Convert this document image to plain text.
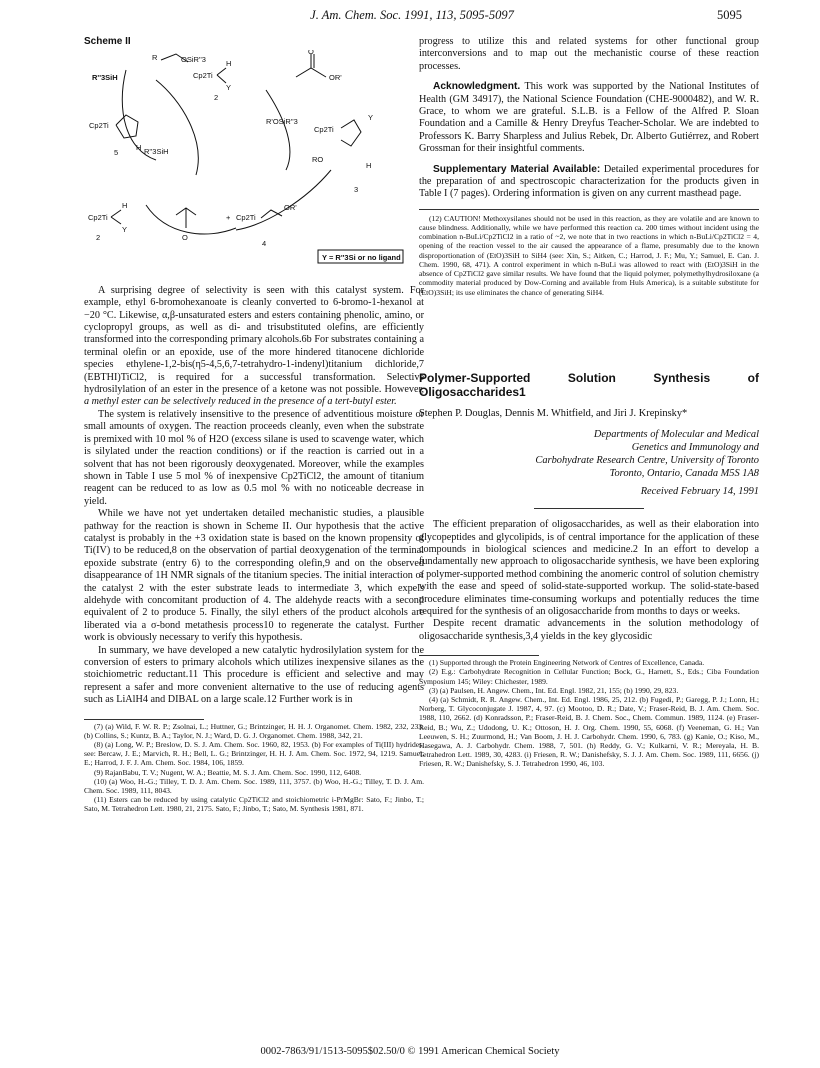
J. Am. Chem. Soc. 1991, 113, 5095-5097	5095
Scheme II
OSiR''3
R
R''3SiH	Cp2Ti
H
Y
2
O
OR'
R'OSiR''3
Cp2Ti
H
5	R''3SiH
Cp2Ti
Y
RO
H
3
Cp2Ti
H
Y
2	O
+ Cp2Ti
OR'
4
Y = R''3Si or no ligand

A surprising degree of selectivity is seen with this catalyst system. For example, ethyl 6-bromohexanoate is cleanly converted to 6-bromo-1-hexanol at −20 °C. Likewise, α,β-unsaturated esters and esters containing phenolic, amino, or cyclopropyl groups, as well as di- and trisubstituted olefins, are efficiently transformed into the corresponding primary alcohols.6b For substrates containing a terminal olefin or an epoxide, use of the more hindered titanocene dichloride species ethylene-1,2-bis(η5-4,5,6,7-tetrahydro-1-indenyl)titanium dichloride,7 (EBTHI)TiCl2, is required for a successful transformation. Selective hydrosilylation of an ester in the presence of a ketone was not possible. However, a methyl ester can be selectively reduced in the presence of a tert-butyl ester.

The system is relatively insensitive to the presence of adventitious moisture or small amounts of oxygen. The reaction proceeds cleanly, even when the substrate is premixed with 10 mol % of H2O (excess silane is used to scavenge water, which is silylated under the reaction conditions) or if the reaction is carried out in a solvent that has not been rigorously deoxygenated. Moreover, while the examples shown in Table I use 5 mol % of inexpensive Cp2TiCl2, the amount of titanium reagent can be reduced to as low as 0.5 mol % with no noticeable decrease in yield.

While we have not yet undertaken detailed mechanistic studies, a plausible pathway for the reaction is shown in Scheme II. Our hypothesis that the active catalyst is probably in the +3 oxidation state is based on the known propensity of Ti(IV) to be reduced,8 on the observation of partial deoxygenation of the terminal epoxide substrate (entry 6) to the corresponding olefin,9 and on the observed disappearance of 1H NMR signals of the titanium species. The initial interaction of the catalyst 2 with the ester substrate leads to intermediate 3, which expels aldehyde with concomitant production of 4. The aldehyde reacts with a second equivalent of 2 to produce 5. Finally, the silyl ethers of the product alcohols are liberated via a σ-bond metathesis process10 to regenerate the catalyst. Further work is obviously necessary to verify this hypothesis.

In summary, we have developed a new catalytic hydrosilylation system for the conversion of esters to primary alcohols which utilizes inexpensive silanes as the stoichiometric reductant.11 This procedure is efficient and selective and may represent a safer and more convenient alternative to the use of reducing agents such as LiAlH4 and DIBAL on a large scale.12 Further work is in

(7) (a) Wild, F. W. R. P.; Zsolnai, L.; Huttner, G.; Brintzinger, H. H. J. Organomet. Chem. 1982, 232, 233. (b) Collins, S.; Kuntz, B. A.; Taylor, N. J.; Ward, D. G. J. Organomet. Chem. 1988, 342, 21.

(8) (a) Long, W. P.; Breslow, D. S. J. Am. Chem. Soc. 1960, 82, 1953. (b) For examples of Ti(III) hydrides, see: Bercaw, J. E.; Marvich, R. H.; Bell, L. G.; Brintzinger, H. H. J. Am. Chem. Soc. 1972, 94, 1219. Samuel, E.; Harrod, J. F. J. Am. Chem. Soc. 1984, 106, 1859.

(9) RajanBabu, T. V.; Nugent, W. A.; Beattie, M. S. J. Am. Chem. Soc. 1990, 112, 6408.

(10) (a) Woo, H.-G.; Tilley, T. D. J. Am. Chem. Soc. 1989, 111, 3757. (b) Woo, H.-G.; Tilley, T. D. J. Am. Chem. Soc. 1989, 111, 8043.

(11) Esters can be reduced by using catalytic Cp2TiCl2 and stoichiometric i-PrMgBr: Sato, F.; Jinbo, T.; Sato, M. Tetrahedron Lett. 1980, 21, 2175. Sato, F.; Jinbo, T.; Sato, M. Synthesis 1981, 871.

progress to utilize this and related systems for other functional group interconversions and to map out the mechanistic course of these reaction processes.

Acknowledgment. This work was supported by the National Institutes of Health (GM 34917), the National Science Foundation (CHE-9000482), and W. R. Grace, to whom we are grateful. S.L.B. is a Fellow of the Alfred P. Sloan Foundation and a Camille & Henry Dreyfus Teacher-Scholar. We are indebted to Professors K. Barry Sharpless and Julius Rebek, Dr. Alberto Gutiérrez, and Robert Grossman for their insightful comments.

Supplementary Material Available: Detailed experimental procedures for the preparation of and spectroscopic characterization for the products given in Table I (7 pages). Ordering information is given on any current masthead page.

(12) CAUTION! Methoxysilanes should not be used in this reaction, as they are volatile and are known to cause blindness. Additionally, while we have performed this reaction ca. 200 times without incident using the combination n-BuLi/Cp2TiCl2 in a ratio of ~2, we note that in two reactions in which n-BuLi/Cp2TiCl2 = 4, opening of the reaction vessel to the air caused the appearance of a flame, presumably due to the known disproportionation of (EtO)3SiH to SiH4 (see: Xin, S.; Aitken, C.; Harrod, J. F.; Mu, Y.; Samuel, E. Can. J. Chem. 1990, 68, 471). A control experiment in which n-BuLi was allowed to react with (EtO)3SiH in the absence of Cp2TiCl2 gave similar results. We have found that the liquid polymer, polymethylhydrosiloxane (a commodity material produced by Dow-Corning and available from Huls America), is a suitable substitute for (EtO)3SiH; its use eliminates the chance of generating SiH4.

Polymer-Supported Solution Synthesis of Oligosaccharides1
Stephen P. Douglas, Dennis M. Whitfield, and Jiri J. Krepinsky*
Departments of Molecular and Medical
Genetics and Immunology and
Carbohydrate Research Centre, University of Toronto
Toronto, Ontario, Canada M5S 1A8
Received February 14, 1991

The efficient preparation of oligosaccharides, as well as their elaboration into glycopeptides and glycolipids, is of central importance for the application of these compounds in biological sciences and medicine.2 In an effort to develop a fundamentally new approach to oligosaccharide synthesis, we have been exploring a polymer-supported method combining the anomeric control of solution chemistry with the ease and speed of solid-state-supported workup. The solid-state-based procedure eliminates time-consuming workups and potentially reduces the time required for the synthesis of an oligosaccharide from months to days or weeks.

Despite recent dramatic advancements in the solution methodology of oligosaccharide synthesis,3,4 yields in the key glycosidic

(1) Supported through the Protein Engineering Network of Centres of Excellence, Canada.

(2) E.g.: Carbohydrate Recognition in Cellular Function; Bock, G., Harnett, S., Eds.; Ciba Foundation Symposium 145; Wiley: Chichester, 1989.

(3) (a) Paulsen, H. Angew. Chem., Int. Ed. Engl. 1982, 21, 155; (b) 1990, 29, 823.

(4) (a) Schmidt, R. R. Angew. Chem., Int. Ed. Engl. 1986, 25, 212. (b) Fugedi, P.; Garegg, P. J.; Lonn, H.; Norberg, T. Glycoconjugate J. 1987, 4, 97. (c) Mootoo, D. R.; Date, V.; Fraser-Reid, B. J. Am. Chem. Soc. 1988, 110, 2662. (d) Konradsson, P.; Fraser-Reid, B. J. Chem. Soc., Chem. Commun. 1989, 1124. (e) Fraser-Reid, B.; Wu, Z.; Udodong, U. K.; Ottoson, H. J. Org. Chem. 1990, 55, 6068. (f) Veeneman, G. H.; Van Leeuwen, S. H.; Zuurmond, H.; Van Boom, J. H. J. Carbohydr. Chem. 1990, 6, 783. (g) Kanie, O.; Kiso, M., Hasegawa, A. J. Carbohydr. Chem. 1988, 7, 501. (h) Reddy, G. V.; Kulkarni, V. R.; Mereyala, H. B. Tetrahedron Lett. 1989, 30, 4283. (i) Friesen, R. W.; Danishefsky, S. J. J. Am. Chem. Soc. 1989, 111, 6656. (j) Friesen, R. W.; Danishefsky, S. J. Tetrahedron 1990, 46, 103.

0002-7863/91/1513-5095$02.50/0 © 1991 American Chemical Society
